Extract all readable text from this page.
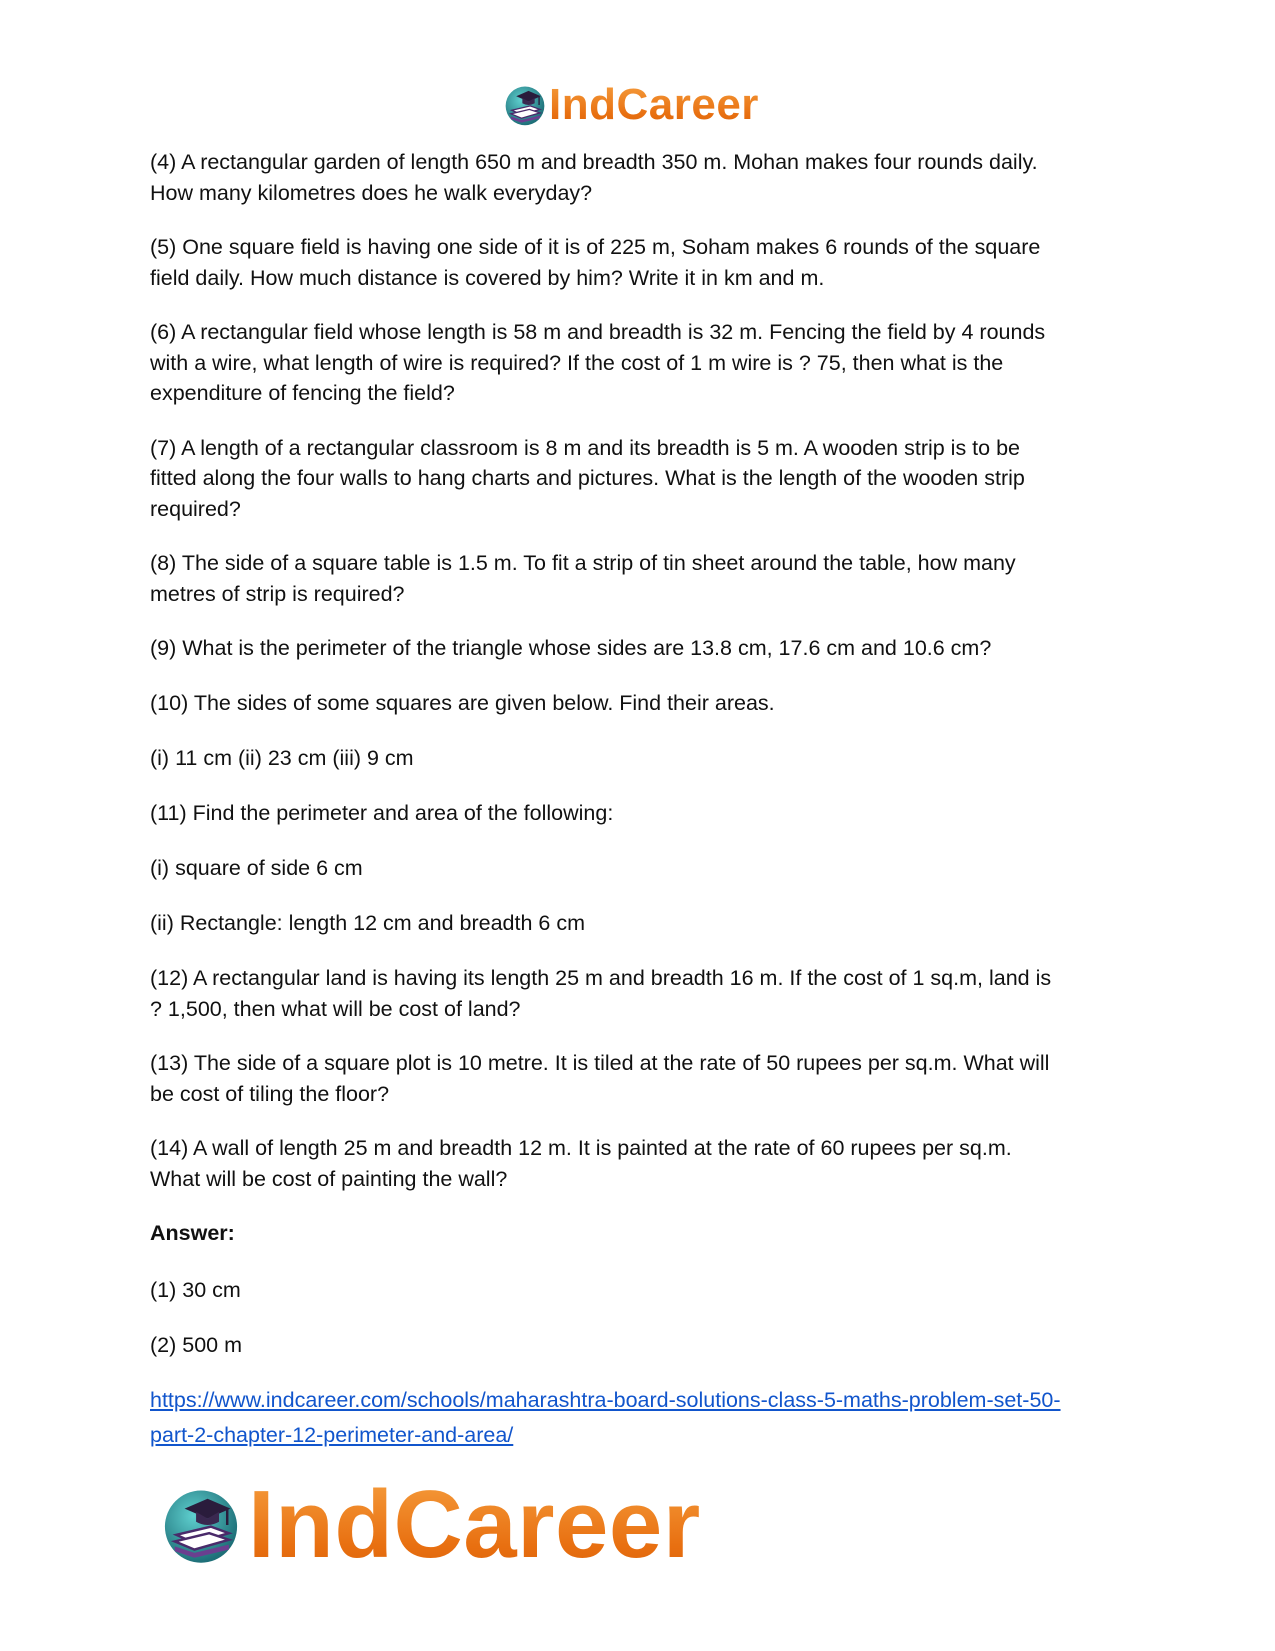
IndCareer

(4) A rectangular garden of length 650 m and breadth 350 m. Mohan makes four rounds daily.
How many kilometres does he walk everyday?

(5) One square field is having one side of it is of 225 m, Soham makes 6 rounds of the square
field daily. How much distance is covered by him? Write it in km and m.

(6) A rectangular field whose length is 58 m and breadth is 32 m. Fencing the field by 4 rounds
with a wire, what length of wire is required? If the cost of 1 m wire is ? 75, then what is the
expenditure of fencing the field?

(7) A length of a rectangular classroom is 8 m and its breadth is 5 m. A wooden strip is to be
fitted along the four walls to hang charts and pictures. What is the length of the wooden strip
required?

(8) The side of a square table is 1.5 m. To fit a strip of tin sheet around the table, how many
metres of strip is required?

(9) What is the perimeter of the triangle whose sides are 13.8 cm, 17.6 cm and 10.6 cm?

(10) The sides of some squares are given below. Find their areas.

(i) 11 cm (ii) 23 cm (iii) 9 cm

(11) Find the perimeter and area of the following:

(i) square of side 6 cm

(ii) Rectangle: length 12 cm and breadth 6 cm

(12) A rectangular land is having its length 25 m and breadth 16 m. If the cost of 1 sq.m, land is
? 1,500, then what will be cost of land?

(13) The side of a square plot is 10 metre. It is tiled at the rate of 50 rupees per sq.m. What will
be cost of tiling the floor?

(14) A wall of length 25 m and breadth 12 m. It is painted at the rate of 60 rupees per sq.m.
What will be cost of painting the wall?

Answer:

(1) 30 cm

(2) 500 m

https://www.indcareer.com/schools/maharashtra-board-solutions-class-5-maths-problem-set-50-
part-2-chapter-12-perimeter-and-area/
IndCareer
